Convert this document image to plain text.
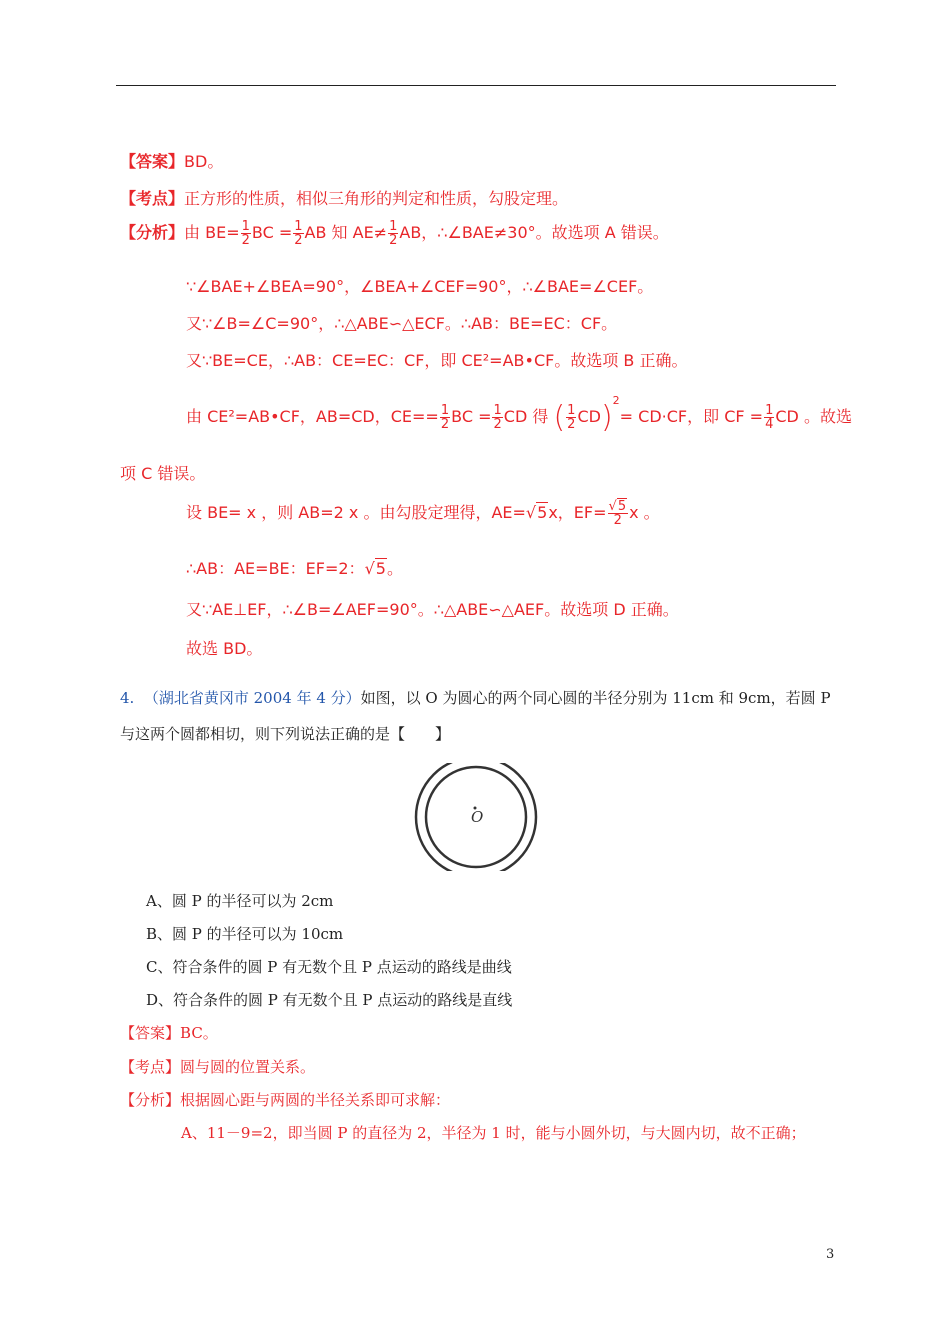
【答案】BD。
【考点】正方形的性质，相似三角形的判定和性质，勾股定理。
【分析】由 $BE= \frac{1}{2}$ BC = $\frac{1}{2}$ AB 知 $AE\ne \frac{1}{2}$ AB，∴∠BAE≠30°。故选项 A 错误。
∵∠BAE+∠BEA=90°，∠BEA+∠CEF=90°，∴∠BAE=∠CEF。
又∵∠B=∠C=90°，∴△ABE∽△ECF。∴AB：BE=EC：CF。
又∵BE=CE，∴AB：CE=EC：CF，即 CE²=AB•CF。故选项 B 正确。
由 CE²=AB•CF，AB=CD，$CE== \frac{1}{2}$ BC = $\frac{1}{2}$ CD 得 ( $\frac{1}{2} CD)^2= CD\cdot CF$，即 CF = $\frac{1}{4}$ CD 。故选
项 C 错误。
设 BE= x ，则 AB=2 x 。由勾股定理得，AE=√5x，$EF= \frac{√5}{2}$ x 。
∴AB：AE=BE：EF=2：√5。
又∵AE⊥EF，∴∠B=∠AEF=90°。∴△ABE∽△AEF。故选项 D 正确。
故选 BD。
4. （湖北省黄冈市 2004 年 4 分）如图，以 O 为圆心的两个同心圆的半径分别为 11cm 和 9cm，若圆 P
与这两个圆都相切，则下列说法正确的是【　　】
O
A、圆 P 的半径可以为 2cm
B、圆 P 的半径可以为 10cm
C、符合条件的圆 P 有无数个且 P 点运动的路线是曲线
D、符合条件的圆 P 有无数个且 P 点运动的路线是直线
【答案】BC。
【考点】圆与圆的位置关系。
【分析】根据圆心距与两圆的半径关系即可求解：
A、11－9=2，即当圆 P 的直径为 2，半径为 1 时，能与小圆外切，与大圆内切，故不正确；
3
